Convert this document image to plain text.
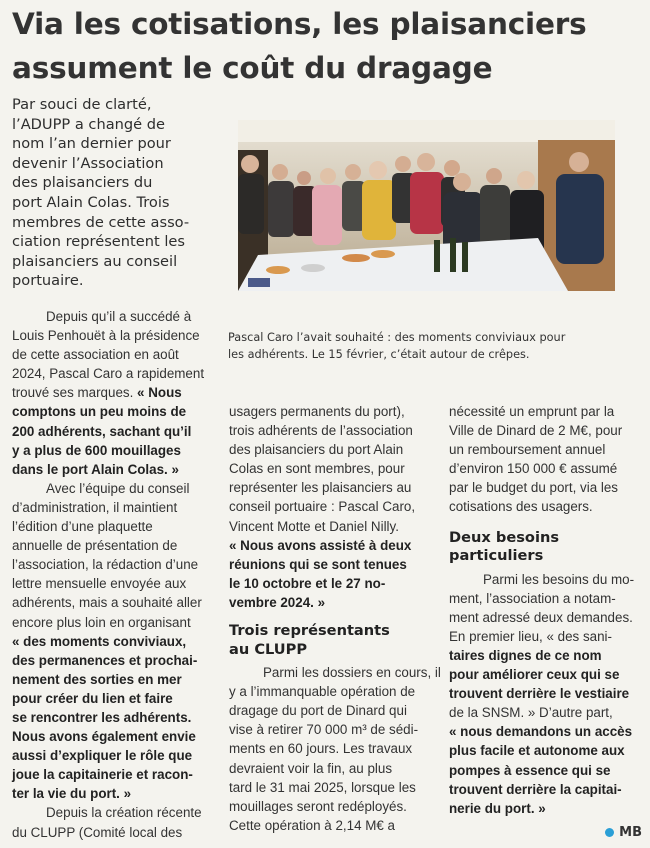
Via les cotisations, les plaisanciers
assument le coût du dragage
Par souci de clarté,
l’ADUPP a changé de
nom l’an dernier pour
devenir l’Association
des plaisanciers du
port Alain Colas. Trois
membres de cette asso-
ciation représentent les
plaisanciers au conseil
portuaire.
Pascal Caro l’avait souhaité : des moments conviviaux pour
les adhérents. Le 15 février, c’était autour de crêpes.
Depuis qu’il a succédé à
Louis Penhouët à la présidence
de cette association en août
2024, Pascal Caro a rapidement
trouvé ses marques. « Nous
comptons un peu moins de
200 adhérents, sachant qu’il
y a plus de 600 mouillages
dans le port Alain Colas. »
Avec l’équipe du conseil
d’administration, il maintient
l’édition d’une plaquette
annuelle de présentation de
l’association, la rédaction d’une
lettre mensuelle envoyée aux
adhérents, mais a souhaité aller
encore plus loin en organisant
« des moments conviviaux,
des permanences et prochai-
nement des sorties en mer
pour créer du lien et faire
se rencontrer les adhérents.
Nous avons également envie
aussi d’expliquer le rôle que
joue la capitainerie et racon-
ter la vie du port. »
Depuis la création récente
du CLUPP (Comité local des
usagers permanents du port),
trois adhérents de l’association
des plaisanciers du port Alain
Colas en sont membres, pour
représenter les plaisanciers au
conseil portuaire : Pascal Caro,
Vincent Motte et Daniel Nilly.
« Nous avons assisté à deux
réunions qui se sont tenues
le 10 octobre et le 27 no-
vembre 2024. »
Trois représentants
au CLUPP
Parmi les dossiers en cours, il
y a l’immanquable opération de
dragage du port de Dinard qui
vise à retirer 70 000 m³ de sédi-
ments en 60 jours. Les travaux
devraient voir la fin, au plus
tard le 31 mai 2025, lorsque les
mouillages seront redéployés.
Cette opération à 2,14 M€ a
nécessité un emprunt par la
Ville de Dinard de 2 M€, pour
un remboursement annuel
d’environ 150 000 € assumé
par le budget du port, via les
cotisations des usagers.
Deux besoins
particuliers
Parmi les besoins du mo-
ment, l’association a notam-
ment adressé deux demandes.
En premier lieu, « des sani-
taires dignes de ce nom
pour améliorer ceux qui se
trouvent derrière le vestiaire
de la SNSM. » D’autre part,
« nous demandons un accès
plus facile et autonome aux
pompes à essence qui se
trouvent derrière la capitai-
nerie du port. »
MB
